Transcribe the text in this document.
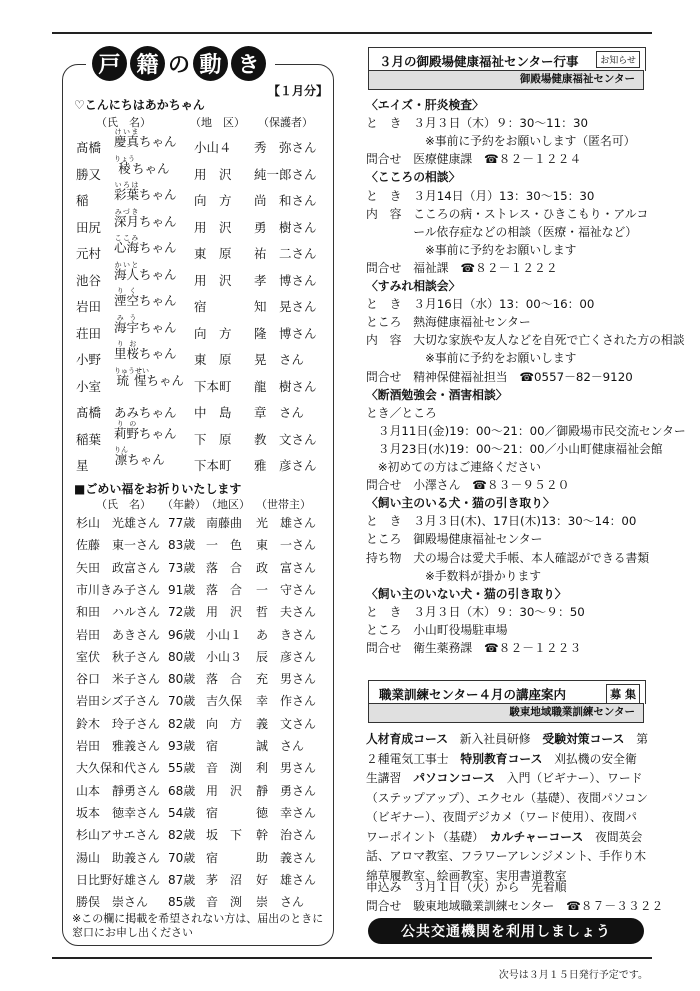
戸 籍 の 動 き
【１月分】
♡こんにちはあかちゃん
（氏　名）	（地　区） （保護者）
髙橋 慶真けいまちゃん 小山４ 秀　弥さん
勝又 稜りょうちゃん 用　沢 純一郎さん
稲 彩葉いろはちゃん 向　方 尚　和さん
田尻 深月みづきちゃん 用　沢 勇　樹さん
元村 心海ここみちゃん 東　原 祐　二さん
池谷 海人かいとちゃん 用　沢 孝　博さん
岩田 湮空りくちゃん 宿	知　晃さん
荘田 海宇みうちゃん 向　方 隆　博さん
小野 里桜りおちゃん 東　原 晃　さん
小室 琉惺りゅうせいちゃん 下本町 龍　樹さん
髙橋 あみちゃん 中　島 章　さん
稲葉 莉野りのちゃん 下　原 教　文さん
星 凛りんちゃん 下本町 雅　彦さん
■ごめい福をお祈りいたします
（氏　名） （年齢） （地区） （世帯主）
杉山　光雄さん 77歳 南藤曲 光　雄さん
佐藤　東一さん 83歳 一　色 東　一さん
矢田　政富さん 73歳 落　合 政　富さん
市川きみ子さん 91歳 落　合 一　守さん
和田　ハルさん 72歳 用　沢 哲　夫さん
岩田　あきさん 96歳 小山１ あ　きさん
室伏　秋子さん 80歳 小山３ 辰　彦さん
谷口　米子さん 80歳 落　合 充　男さん
岩田シズ子さん 70歳 吉久保 幸　作さん
鈴木　玲子さん 82歳 向　方 義　文さん
岩田　雅義さん 93歳 宿	誠　さん
大久保和代さん 55歳 音　渕 利　男さん
山本　靜勇さん 68歳 用　沢 靜　勇さん
坂本　徳幸さん 54歳 宿	徳　幸さん
杉山アサエさん 82歳 坂　下 幹　治さん
湯山　助義さん 70歳 宿	助　義さん
日比野好雄さん 87歳 茅　沼 好　雄さん
勝俣　崇さん 85歳 音　渕 崇　さん
※この欄に掲載を希望されない方は、届出のときに窓口にお申し出ください
３月の御殿場健康福祉センター行事	お知らせ
御殿場健康福祉センター
〈エイズ・肝炎検査〉
と　き　３月３日（木）９：30～11：30
　　　　　※事前に予約をお願いします（匿名可）
問合せ　医療健康課　☎８２－１２２４
〈こころの相談〉
と　き　３月14日（月）13：30～15：30
内　容　こころの病・ストレス・ひきこもり・アルコ
　　　　ール依存症などの相談（医療・福祉など）
　　　　　※事前に予約をお願いします
問合せ　福祉課　☎８２－１２２２
〈すみれ相談会〉
と　き　３月16日（水）13：00～16：00
ところ　熱海健康福祉センター
内　容　大切な家族や友人などを自死で亡くされた方の相談
　　　　　※事前に予約をお願いします
問合せ　精神保健福祉担当　☎0557－82－9120
〈断酒勉強会・酒害相談〉
とき／ところ
　３月11日(金)19：00～21：00／御殿場市民交流センター
　３月23日(水)19：00～21：00／小山町健康福祉会館
　※初めての方はご連絡ください
問合せ　小澤さん　☎８３－９５２０
〈飼い主のいる犬・猫の引き取り〉
と　き　３月３日(木)、17日(木)13：30～14：00
ところ　御殿場健康福祉センター
持ち物　犬の場合は愛犬手帳、本人確認ができる書類
　　　　　※手数料が掛かります
〈飼い主のいない犬・猫の引き取り〉
と　き　３月３日（木）９：30～９：50
ところ　小山町役場駐車場
問合せ　衛生薬務課　☎８２－１２２３
職業訓練センター４月の講座案内	募 集
駿東地域職業訓練センター
人材育成コース　新入社員研修　受験対策コース　第２種電気工事士　特別教育コース　刈払機の安全衛生講習　パソコンコース　入門（ビギナー）、ワード（ステップアップ）、エクセル（基礎）、夜間パソコン（ビギナー）、夜間デジカメ（ワード使用）、夜間パワーポイント（基礎）　カルチャーコース　夜間英会話、アロマ教室、フラワーアレンジメント、手作り木綿草履教室、絵画教室、実用書道教室
申込み　３月１日（火）から　先着順
問合せ　駿東地域職業訓練センター　☎８７－３３２２
公共交通機関を利用しましょう
次号は３月１５日発行予定です。
